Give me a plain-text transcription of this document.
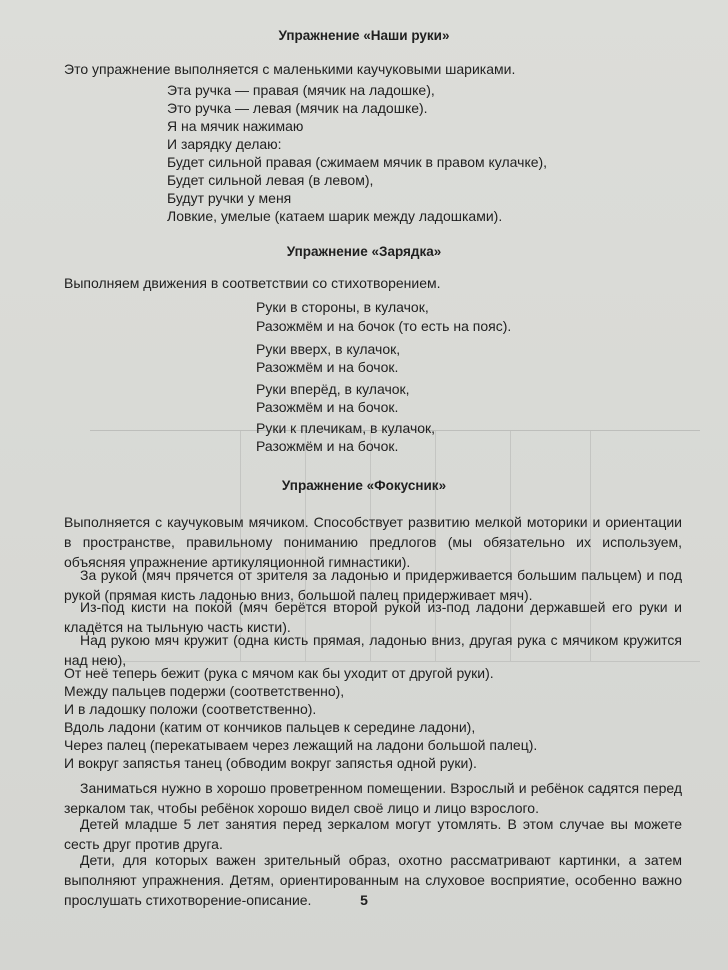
Упражнение «Наши руки»
Это упражнение выполняется с маленькими каучуковыми шариками.
Эта ручка — правая (мячик на ладошке),
Это ручка — левая (мячик на ладошке).
Я на мячик нажимаю
И зарядку делаю:
Будет сильной правая (сжимаем мячик в правом кулачке),
Будет сильной левая (в левом),
Будут ручки у меня
Ловкие, умелые (катаем шарик между ладошками).
Упражнение «Зарядка»
Выполняем движения в соответствии со стихотворением.
Руки в стороны, в кулачок,
Разожмём и на бочок (то есть на пояс).
Руки вверх, в кулачок,
Разожмём и на бочок.
Руки вперёд, в кулачок,
Разожмём и на бочок.
Руки к плечикам, в кулачок,
Разожмём и на бочок.
Упражнение «Фокусник»
Выполняется с каучуковым мячиком. Способствует развитию мелкой моторики и ориентации в пространстве, правильному пониманию предлогов (мы обязательно их используем, объясняя упражнение артикуляционной гимнастики).
За рукой (мяч прячется от зрителя за ладонью и придерживается большим пальцем) и под рукой (прямая кисть ладонью вниз, большой палец придерживает мяч).
Из-под кисти на покой (мяч берётся второй рукой из-под ладони державшей его руки и кладётся на тыльную часть кисти).
Над рукою мяч кружит (одна кисть прямая, ладонью вниз, другая рука с мячиком кружится над нею),
От неё теперь бежит (рука с мячом как бы уходит от другой руки).
Между пальцев подержи (соответственно),
И в ладошку положи (соответственно).
Вдоль ладони (катим от кончиков пальцев к середине ладони),
Через палец (перекатываем через лежащий на ладони большой палец).
И вокруг запястья танец (обводим вокруг запястья одной руки).
Заниматься нужно в хорошо проветренном помещении. Взрослый и ребёнок садятся перед зеркалом так, чтобы ребёнок хорошо видел своё лицо и лицо взрослого.
Детей младше 5 лет занятия перед зеркалом могут утомлять. В этом случае вы можете сесть друг против друга.
Дети, для которых важен зрительный образ, охотно рассматривают картинки, а затем выполняют упражнения. Детям, ориентированным на слуховое восприятие, особенно важно прослушать стихотворение-описание.	5
